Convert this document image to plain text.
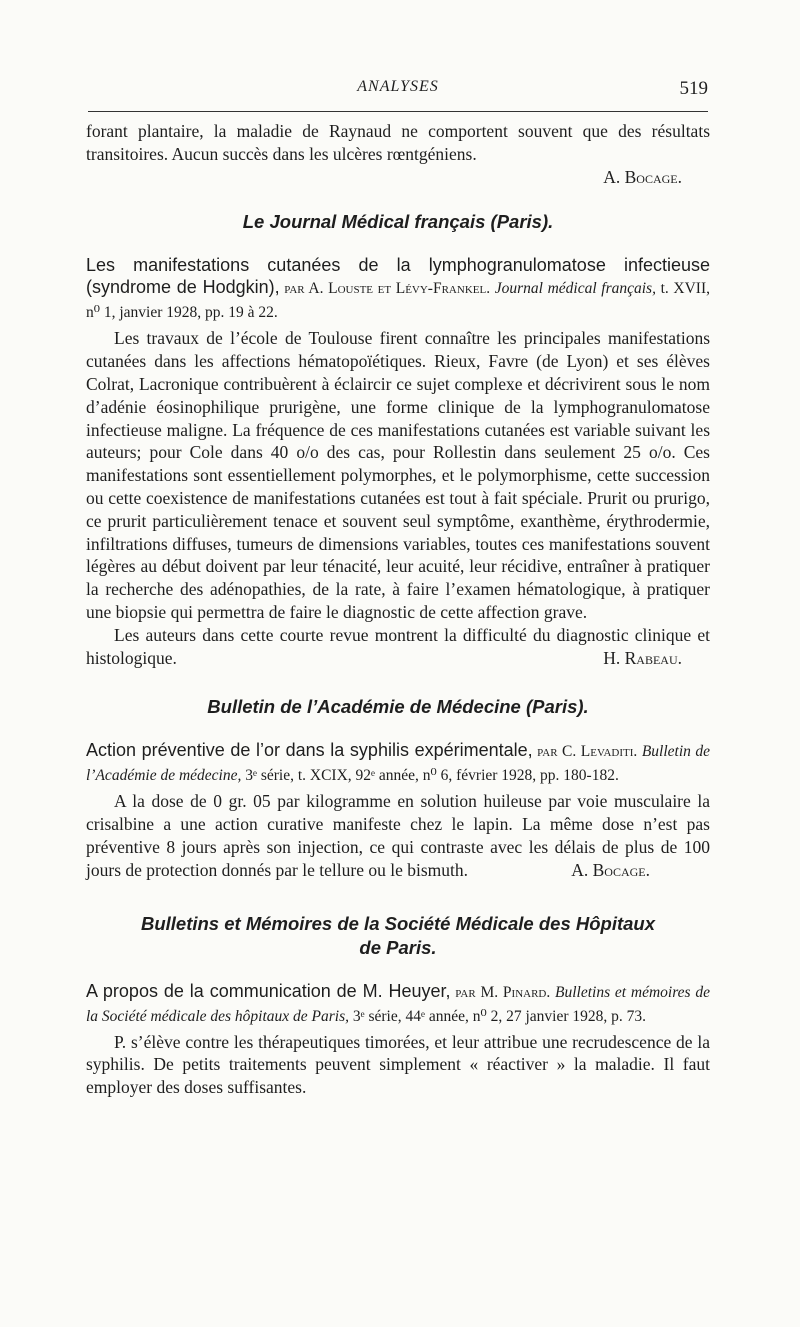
ANALYSES	519

forant plantaire, la maladie de Raynaud ne comportent souvent que des résultats transitoires. Aucun succès dans les ulcères rœntgéniens.

A. Bocage.

Le Journal Médical français (Paris).

Les manifestations cutanées de la lymphogranulomatose infectieuse (syndrome de Hodgkin), par A. Louste et Lévy-Frankel. Journal médical français, t. XVII, n⁰ 1, janvier 1928, pp. 19 à 22.

Les travaux de l’école de Toulouse firent connaître les principales manifestations cutanées dans les affections hématopoïétiques. Rieux, Favre (de Lyon) et ses élèves Colrat, Lacronique contribuèrent à éclaircir ce sujet complexe et décrivirent sous le nom d’adénie éosinophilique prurigène, une forme clinique de la lymphogranulomatose infectieuse maligne. La fréquence de ces manifestations cutanées est variable suivant les auteurs; pour Cole dans 40 o/o des cas, pour Rollestin dans seulement 25 o/o. Ces manifestations sont essentiellement polymorphes, et le polymorphisme, cette succession ou cette coexistence de manifestations cutanées est tout à fait spéciale. Prurit ou prurigo, ce prurit particulièrement tenace et souvent seul symptôme, exanthème, érythrodermie, infiltrations diffuses, tumeurs de dimensions variables, toutes ces manifestations souvent légères au début doivent par leur ténacité, leur acuité, leur récidive, entraîner à pratiquer la recherche des adénopathies, de la rate, à faire l’examen hématologique, à pratiquer une biopsie qui permettra de faire le diagnostic de cette affection grave.

Les auteurs dans cette courte revue montrent la difficulté du diagnostic clinique et histologique.	H. Rabeau.

Bulletin de l’Académie de Médecine (Paris).

Action préventive de l’or dans la syphilis expérimentale, par C. Levaditi. Bulletin de l’Académie de médecine, 3ᵉ série, t. XCIX, 92ᵉ année, n⁰ 6, février 1928, pp. 180-182.

A la dose de 0 gr. 05 par kilogramme en solution huileuse par voie musculaire la crisalbine a une action curative manifeste chez le lapin. La même dose n’est pas préventive 8 jours après son injection, ce qui contraste avec les délais de plus de 100 jours de protection donnés par le tellure ou le bismuth.	A. Bocage.

Bulletins et Mémoires de la Société Médicale des Hôpitaux
de Paris.

A propos de la communication de M. Heuyer, par M. Pinard. Bulletins et mémoires de la Société médicale des hôpitaux de Paris, 3ᵉ série, 44ᵉ année, n⁰ 2, 27 janvier 1928, p. 73.

P. s’élève contre les thérapeutiques timorées, et leur attribue une recrudescence de la syphilis. De petits traitements peuvent simplement « réactiver » la maladie. Il faut employer des doses suffisantes.
